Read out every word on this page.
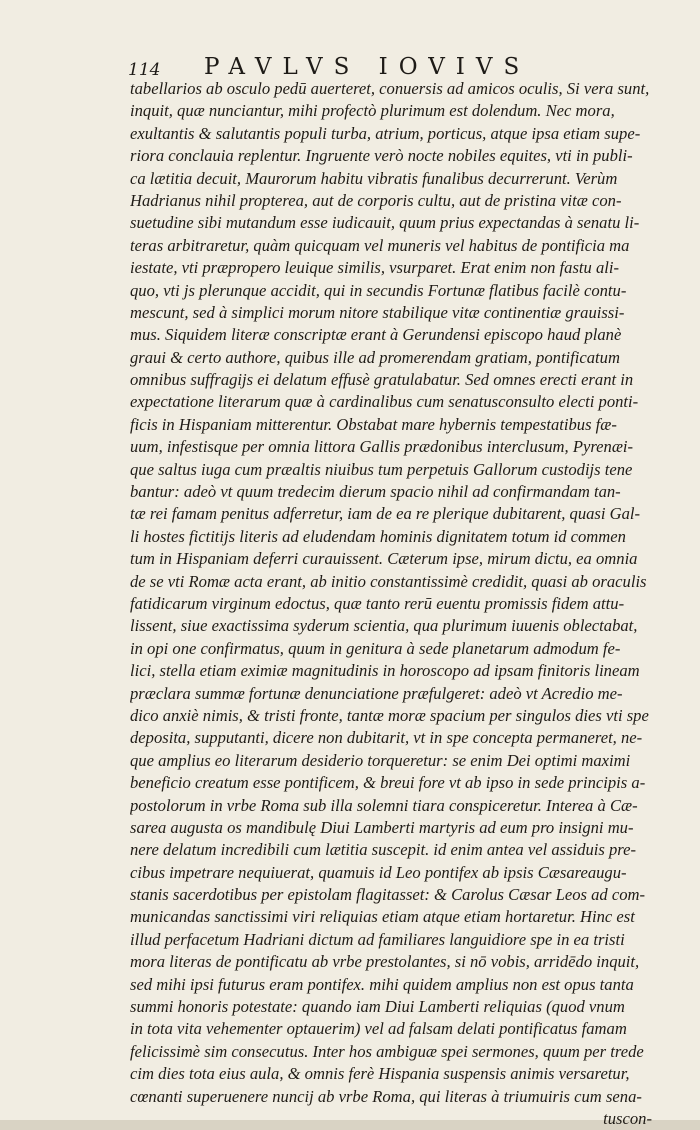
114 PAVLVS IOVIVS
tabellarios ab osculo pedū auerteret, conuersis ad amicos oculis, Si vera sunt,
inquit, quæ nunciantur, mihi profectò plurimum est dolendum. Nec mora,
exultantis & salutantis populi turba, atrium, porticus, atque ipsa etiam supe-
riora conclauia replentur. Ingruente verò nocte nobiles equites, vti in publi-
ca lætitia decuit, Maurorum habitu vibratis funalibus decurrerunt. Verùm
Hadrianus nihil propterea, aut de corporis cultu, aut de pristina vitæ con-
suetudine sibi mutandum esse iudicauit, quum prius expectandas à senatu li-
teras arbitraretur, quàm quicquam vel muneris vel habitus de pontificia ma
iestate, vti præpropero leuique similis, vsurparet. Erat enim non fastu ali-
quo, vti js plerunque accidit, qui in secundis Fortunæ flatibus facilè contu-
mescunt, sed à simplici morum nitore stabilique vitæ continentiæ grauissi-
mus. Siquidem literæ conscriptæ erant à Gerundensi episcopo haud planè
graui & certo authore, quibus ille ad promerendam gratiam, pontificatum
omnibus suffragijs ei delatum effusè gratulabatur. Sed omnes erecti erant in
expectatione literarum quæ à cardinalibus cum senatusconsulto electi ponti-
ficis in Hispaniam mitterentur. Obstabat mare hybernis tempestatibus fæ-
uum, infestisque per omnia littora Gallis prædonibus interclusum, Pyrenæi-
que saltus iuga cum præaltis niuibus tum perpetuis Gallorum custodijs tene
bantur: adeò vt quum tredecim dierum spacio nihil ad confirmandam tan-
tæ rei famam penitus adferretur, iam de ea re plerique dubitarent, quasi Gal-
li hostes fictitijs literis ad eludendam hominis dignitatem totum id commen
tum in Hispaniam deferri curauissent. Cæterum ipse, mirum dictu, ea omnia
de se vti Romæ acta erant, ab initio constantissimè credidit, quasi ab oraculis
fatidicarum virginum edoctus, quæ tanto rerū euentu promissis fidem attu-
lissent, siue exactissima syderum scientia, qua plurimum iuuenis oblectabat,
in opi one confirmatus, quum in genitura à sede planetarum admodum fe-
lici, stella etiam eximiæ magnitudinis in horoscopo ad ipsam finitoris lineam
præclara summæ fortunæ denunciatione præfulgeret: adeò vt Acredio me-
dico anxiè nimis, & tristi fronte, tantæ moræ spacium per singulos dies vti spe
deposita, supputanti, dicere non dubitarit, vt in spe concepta permaneret, ne-
que amplius eo literarum desiderio torqueretur: se enim Dei optimi maximi
beneficio creatum esse pontificem, & breui fore vt ab ipso in sede principis a-
postolorum in vrbe Roma sub illa solemni tiara conspiceretur. Interea à Cæ-
sarea augusta os mandibulę Diui Lamberti martyris ad eum pro insigni mu-
nere delatum incredibili cum lætitia suscepit. id enim antea vel assiduis pre-
cibus impetrare nequiuerat, quamuis id Leo pontifex ab ipsis Cæsareaugu-
stanis sacerdotibus per epistolam flagitasset: & Carolus Cæsar Leos ad com-
municandas sanctissimi viri reliquias etiam atque etiam hortaretur. Hinc est
illud perfacetum Hadriani dictum ad familiares languidiore spe in ea tristi
mora literas de pontificatu ab vrbe prestolantes, si nō vobis, arridēdo inquit,
sed mihi ipsi futurus eram pontifex. mihi quidem amplius non est opus tanta
summi honoris potestate: quando iam Diui Lamberti reliquias (quod vnum
in tota vita vehementer optauerim) vel ad falsam delati pontificatus famam
felicissimè sim consecutus. Inter hos ambiguæ spei sermones, quum per trede
cim dies tota eius aula, & omnis ferè Hispania suspensis animis versaretur,
cœnanti superuenere nuncij ab vrbe Roma, qui literas à triumuiris cum sena-
tuscon-
